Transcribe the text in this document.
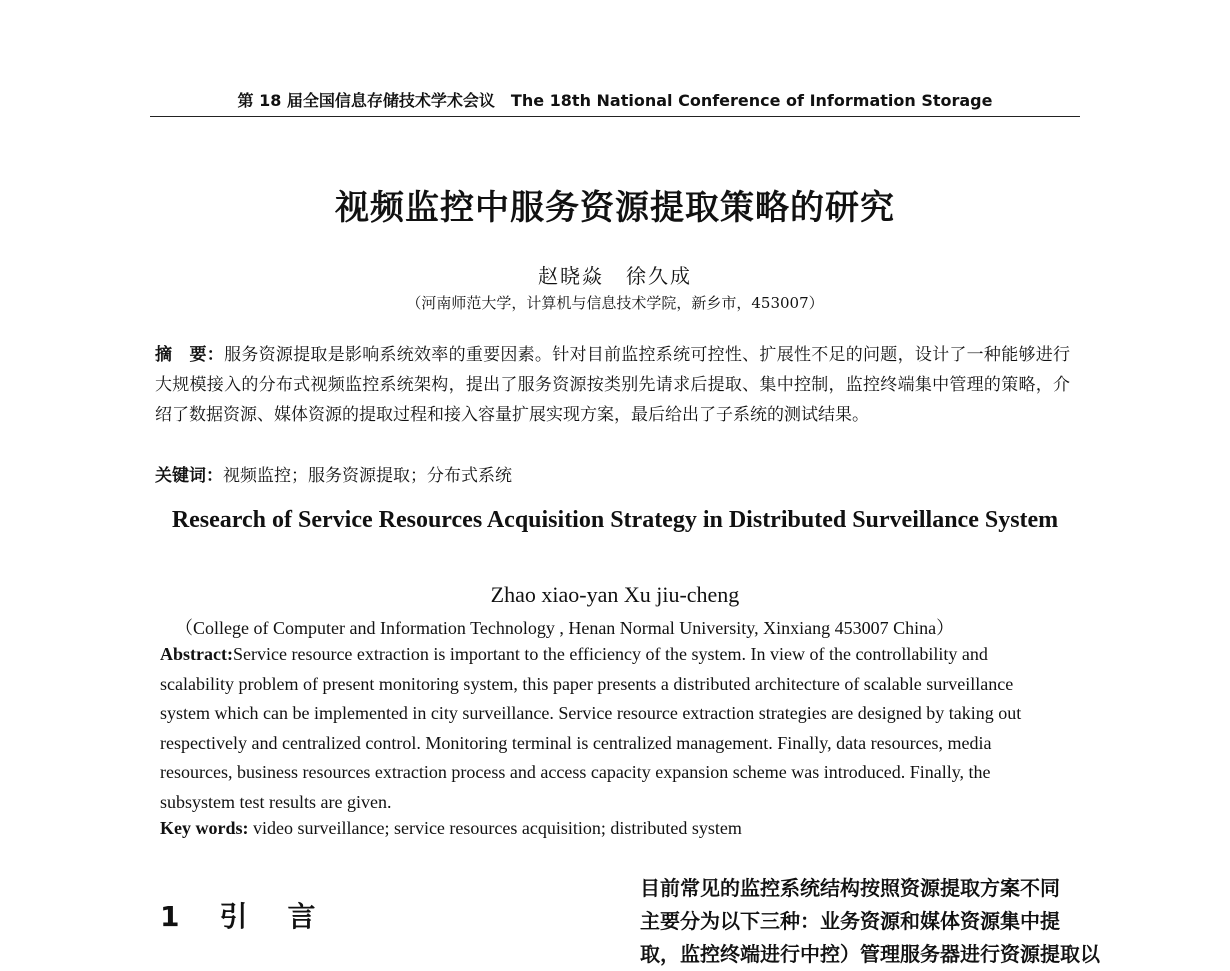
第 18 届全国信息存储技术学术会议　The 18th National Conference of Information Storage
视频监控中服务资源提取策略的研究
赵晓焱　徐久成
（河南师范大学，计算机与信息技术学院，新乡市，453007）
摘　要：服务资源提取是影响系统效率的重要因素。针对目前监控系统可控性、扩展性不足的问题，设计了一种能够进行大规模接入的分布式视频监控系统架构，提出了服务资源按类别先请求后提取、集中控制，监控终端集中管理的策略，介绍了数据资源、媒体资源的提取过程和接入容量扩展实现方案，最后给出了子系统的测试结果。
关键词：视频监控；服务资源提取；分布式系统
Research of Service Resources Acquisition Strategy in Distributed Surveillance System
Zhao xiao-yan Xu jiu-cheng
（College of Computer and Information Technology , Henan Normal University, Xinxiang 453007 China）
Abstract:Service resource extraction is important to the efficiency of the system. In view of the controllability and scalability problem of present monitoring system, this paper presents a distributed architecture of scalable surveillance system which can be implemented in city surveillance. Service resource extraction strategies are designed by taking out respectively and centralized control. Monitoring terminal is centralized management. Finally, data resources, media resources, business resources extraction process and access capacity expansion scheme was introduced. Finally, the subsystem test results are given.
Key words: video surveillance; service resources acquisition; distributed system
1　引　言
目前常见的监控系统结构按照资源提取方案不同
主要分为以下三种：业务资源和媒体资源集中提
取，监控终端进行中控）管理服务器进行资源提取以
